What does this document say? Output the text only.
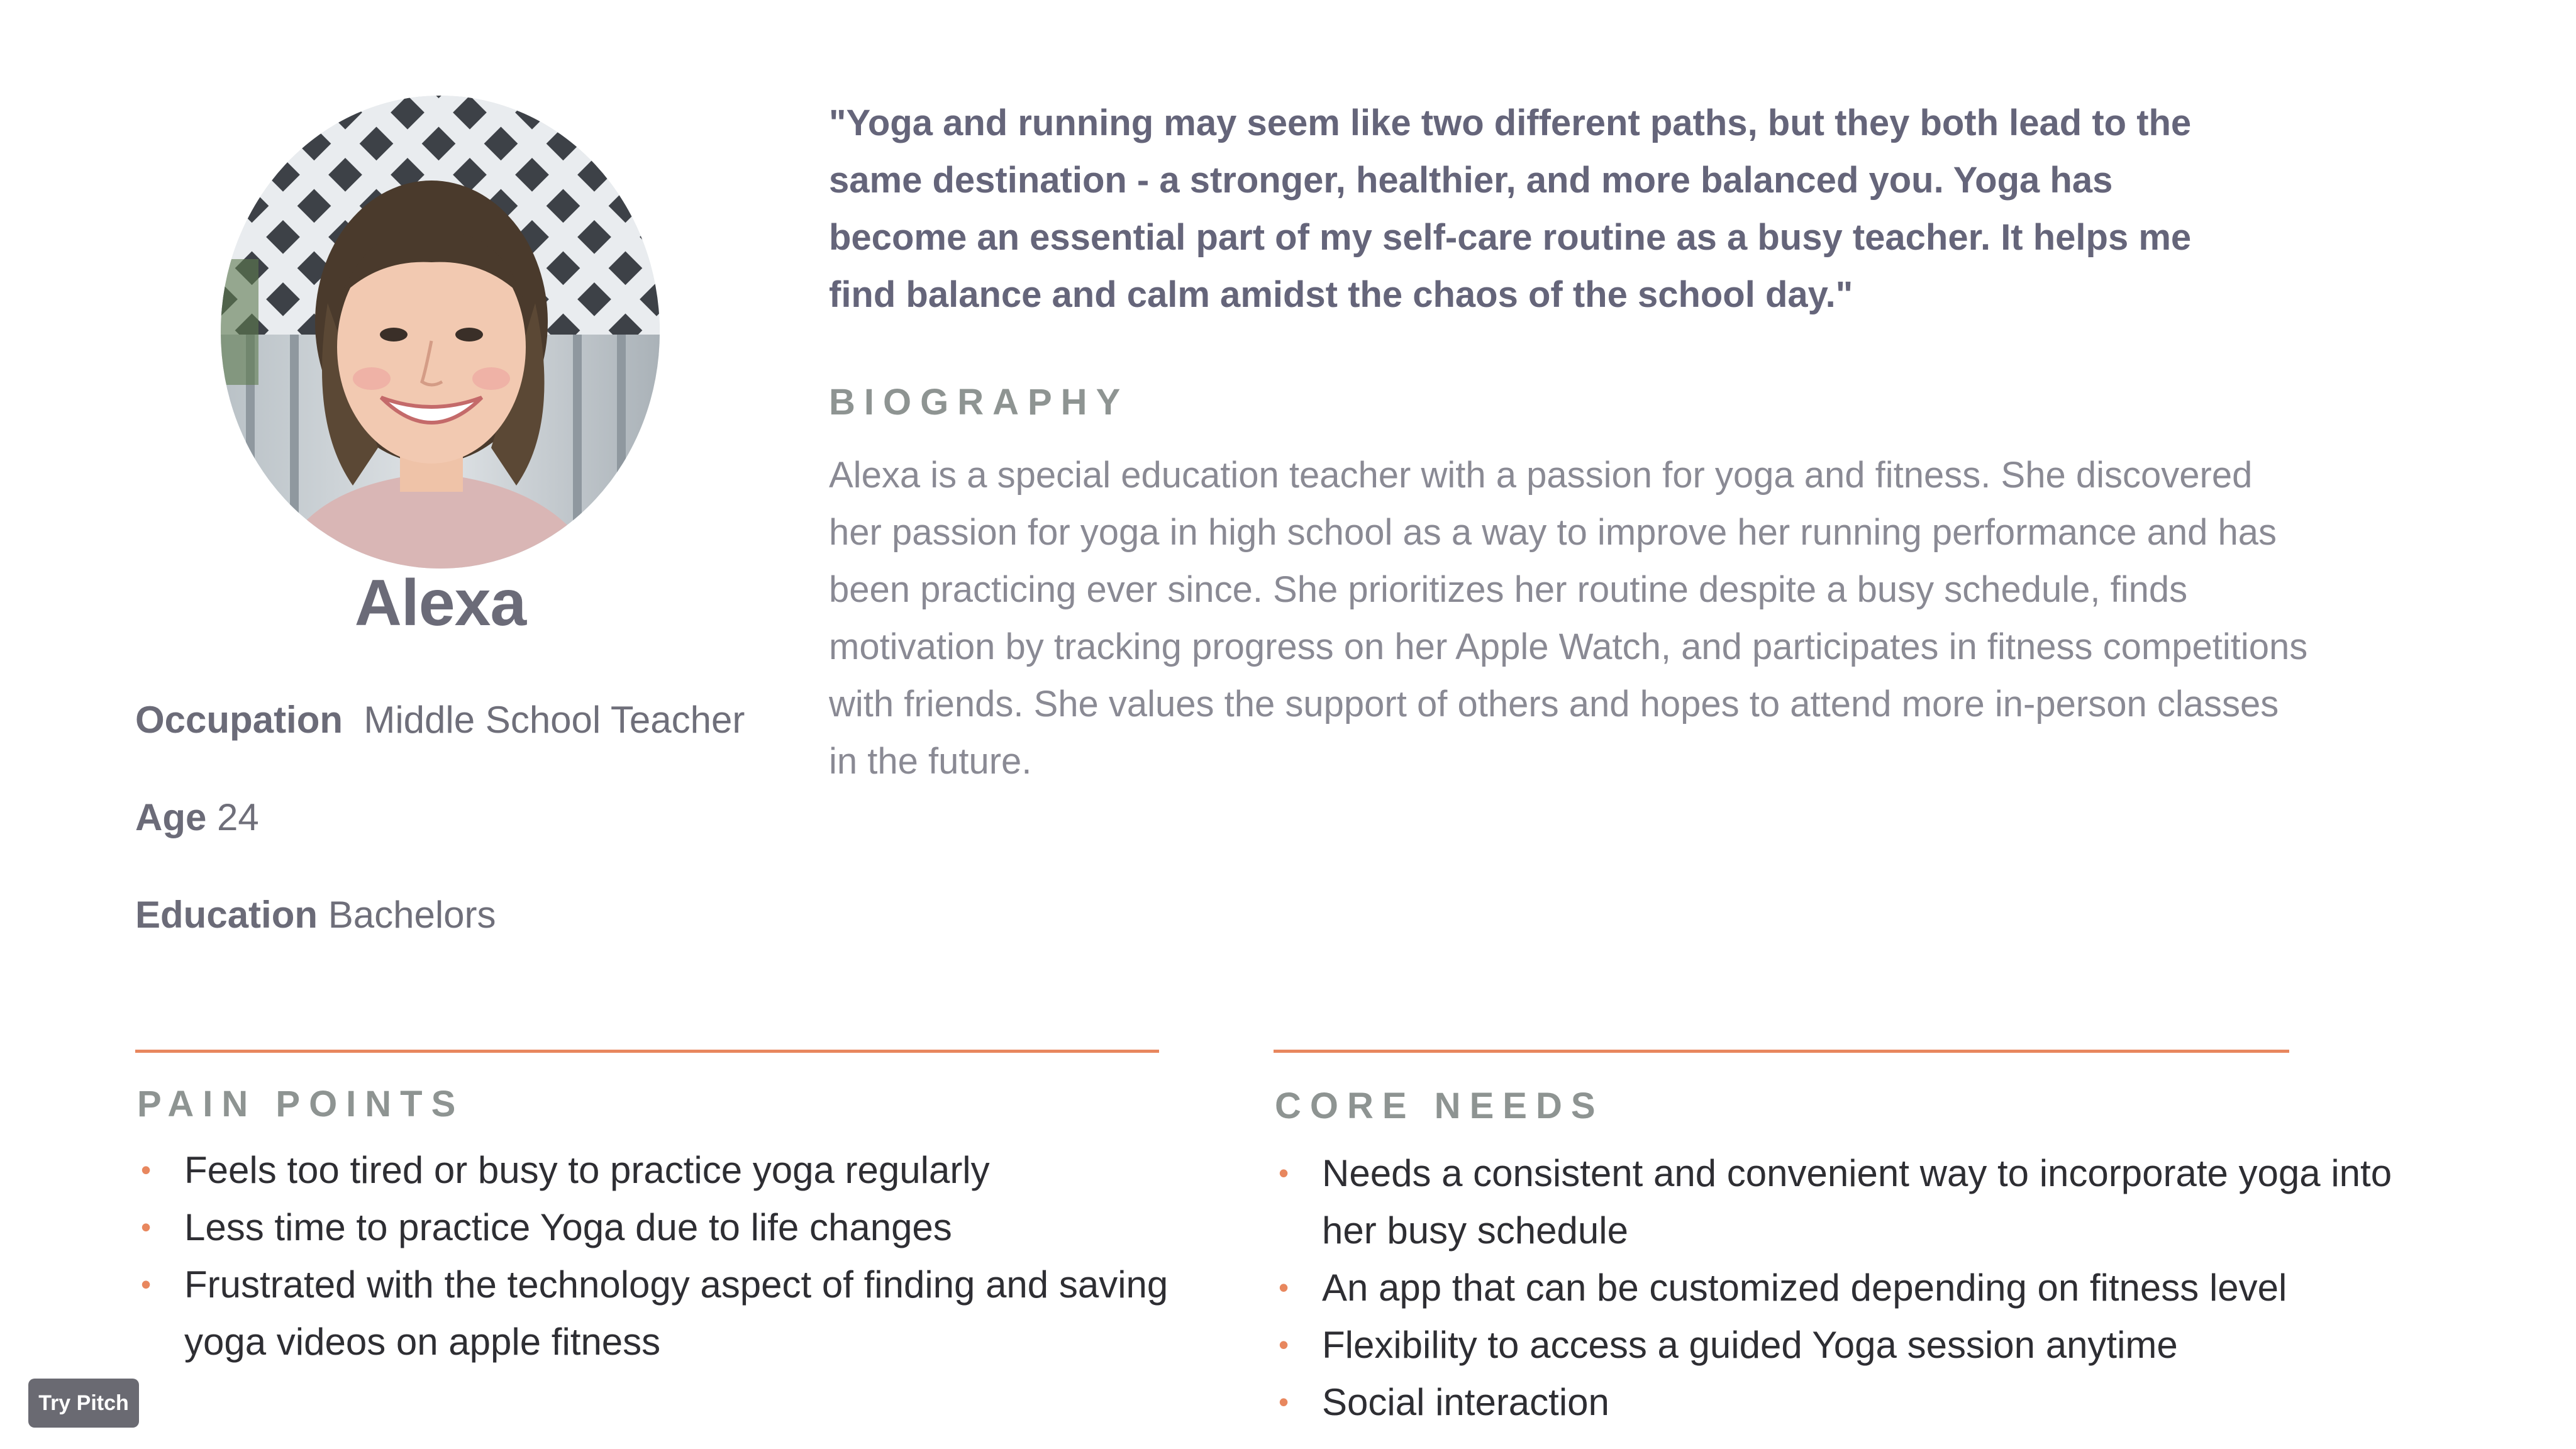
Alexa
Occupation Middle School Teacher
Age 24
Education Bachelors
"Yoga and running may seem like two different paths, but they both lead to the same destination - a stronger, healthier, and more balanced you. Yoga has become an essential part of my self-care routine as a busy teacher. It helps me find balance and calm amidst the chaos of the school day."
BIOGRAPHY
Alexa is a special education teacher with a passion for yoga and fitness. She discovered her passion for yoga in high school as a way to improve her running performance and has been practicing ever since. She prioritizes her routine despite a busy schedule, finds motivation by tracking progress on her Apple Watch, and participates in fitness competitions with friends. She values the support of others and hopes to attend more in-person classes in the future.
PAIN POINTS
• Feels too tired or busy to practice yoga regularly
• Less time to practice Yoga due to life changes
• Frustrated with the technology aspect of finding and saving yoga videos on apple fitness
CORE NEEDS
• Needs a consistent and convenient way to incorporate yoga into her busy schedule
• An app that can be customized depending on fitness level
• Flexibility to access a guided Yoga session anytime
• Social interaction
Try Pitch
